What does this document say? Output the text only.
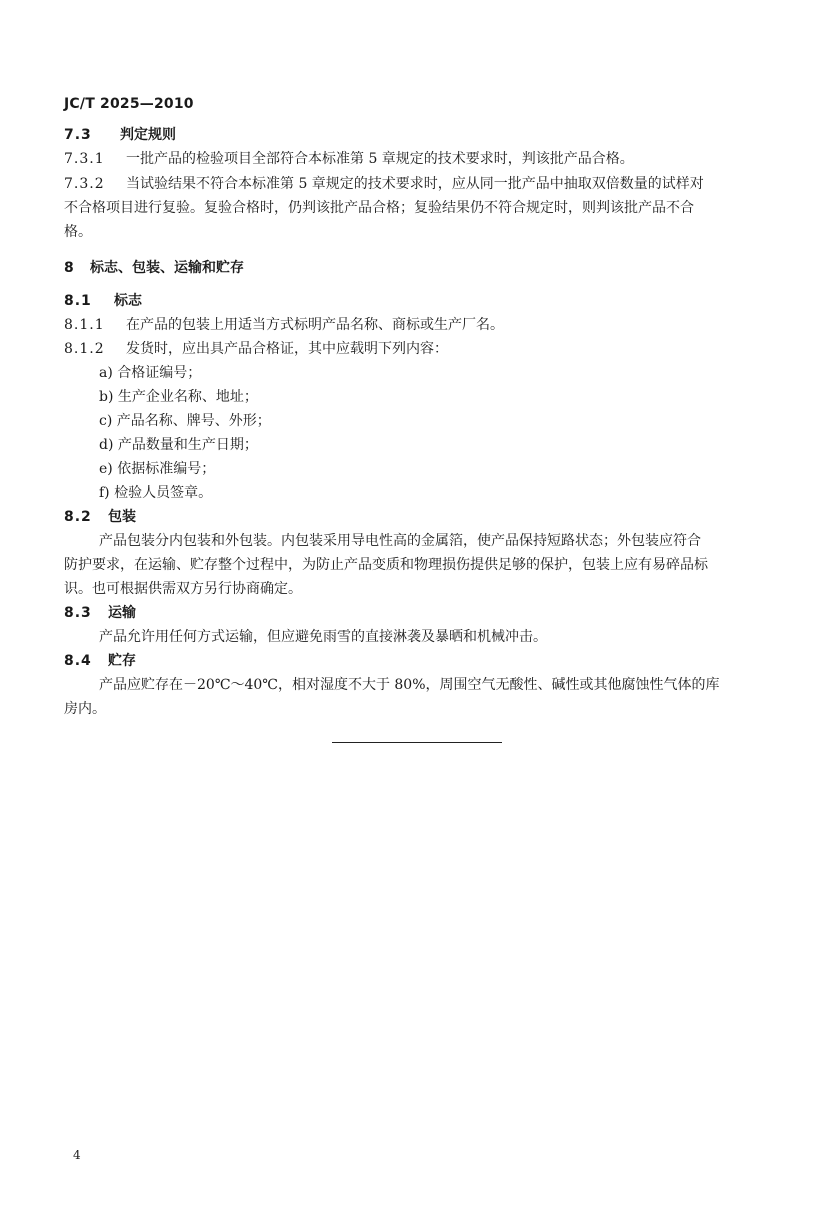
JC/T 2025—2010
7.3 判定规则
7.3.1 一批产品的检验项目全部符合本标准第 5 章规定的技术要求时，判该批产品合格。
7.3.2 当试验结果不符合本标准第 5 章规定的技术要求时，应从同一批产品中抽取双倍数量的试样对
不合格项目进行复验。复验合格时，仍判该批产品合格；复验结果仍不符合规定时，则判该批产品不合
格。
8 标志、包装、运输和贮存
8.1 标志
8.1.1 在产品的包装上用适当方式标明产品名称、商标或生产厂名。
8.1.2 发货时，应出具产品合格证，其中应载明下列内容：
a) 合格证编号；
b) 生产企业名称、地址；
c) 产品名称、牌号、外形；
d) 产品数量和生产日期；
e) 依据标准编号；
f) 检验人员签章。
8.2 包装
产品包装分内包装和外包装。内包装采用导电性高的金属箔，使产品保持短路状态；外包装应符合
防护要求，在运输、贮存整个过程中，为防止产品变质和物理损伤提供足够的保护，包装上应有易碎品标
识。也可根据供需双方另行协商确定。
8.3 运输
产品允许用任何方式运输，但应避免雨雪的直接淋袭及暴晒和机械冲击。
8.4 贮存
产品应贮存在－20℃～40℃，相对湿度不大于 80%，周围空气无酸性、碱性或其他腐蚀性气体的库
房内。
4
